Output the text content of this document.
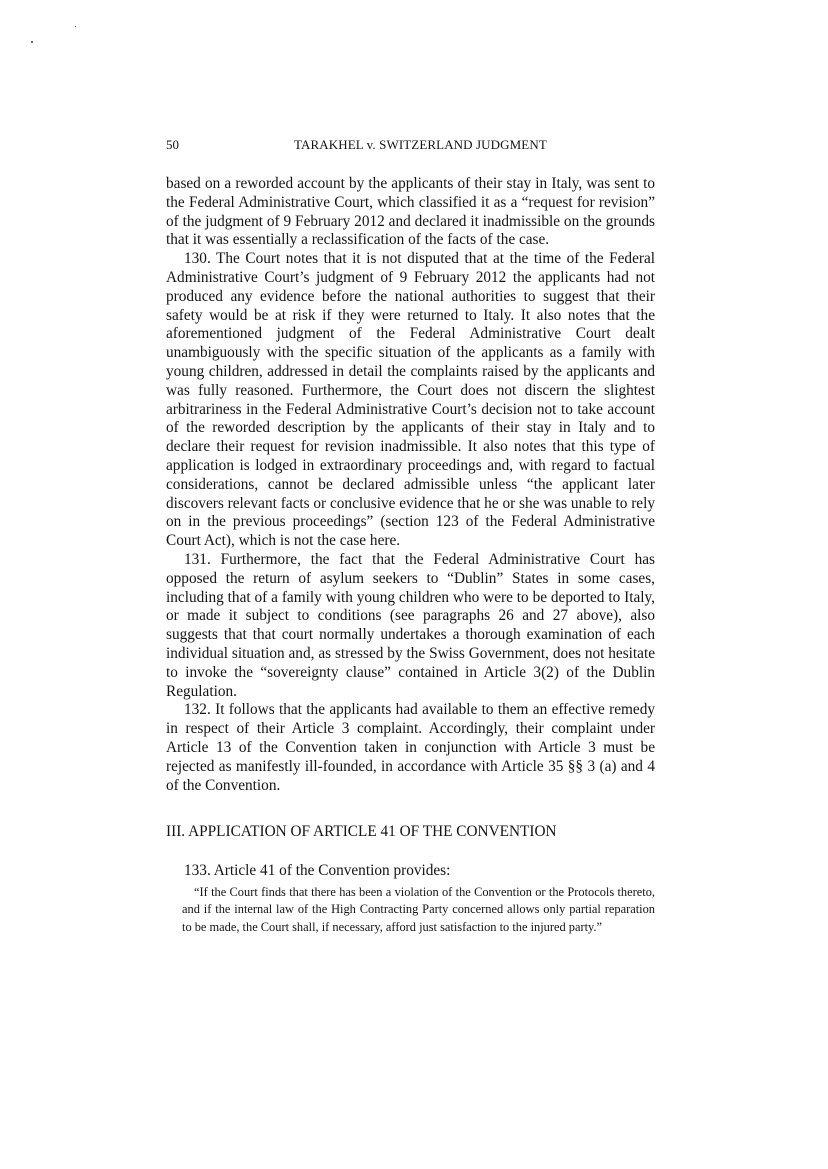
50	TARAKHEL v. SWITZERLAND JUDGMENT

based on a reworded account by the applicants of their stay in Italy, was sent to the Federal Administrative Court, which classified it as a “request for revision” of the judgment of 9 February 2012 and declared it inadmissible on the grounds that it was essentially a reclassification of the facts of the case.

130. The Court notes that it is not disputed that at the time of the Federal Administrative Court’s judgment of 9 February 2012 the applicants had not produced any evidence before the national authorities to suggest that their safety would be at risk if they were returned to Italy. It also notes that the aforementioned judgment of the Federal Administrative Court dealt unambiguously with the specific situation of the applicants as a family with young children, addressed in detail the complaints raised by the applicants and was fully reasoned. Furthermore, the Court does not discern the slightest arbitrariness in the Federal Administrative Court’s decision not to take account of the reworded description by the applicants of their stay in Italy and to declare their request for revision inadmissible. It also notes that this type of application is lodged in extraordinary proceedings and, with regard to factual considerations, cannot be declared admissible unless “the applicant later discovers relevant facts or conclusive evidence that he or she was unable to rely on in the previous proceedings” (section 123 of the Federal Administrative Court Act), which is not the case here.

131. Furthermore, the fact that the Federal Administrative Court has opposed the return of asylum seekers to “Dublin” States in some cases, including that of a family with young children who were to be deported to Italy, or made it subject to conditions (see paragraphs 26 and 27 above), also suggests that that court normally undertakes a thorough examination of each individual situation and, as stressed by the Swiss Government, does not hesitate to invoke the “sovereignty clause” contained in Article 3(2) of the Dublin Regulation.

132. It follows that the applicants had available to them an effective remedy in respect of their Article 3 complaint. Accordingly, their complaint under Article 13 of the Convention taken in conjunction with Article 3 must be rejected as manifestly ill-founded, in accordance with Article 35 §§ 3 (a) and 4 of the Convention.

III. APPLICATION OF ARTICLE 41 OF THE CONVENTION

133. Article 41 of the Convention provides:

“If the Court finds that there has been a violation of the Convention or the Protocols thereto, and if the internal law of the High Contracting Party concerned allows only partial reparation to be made, the Court shall, if necessary, afford just satisfaction to the injured party.”
